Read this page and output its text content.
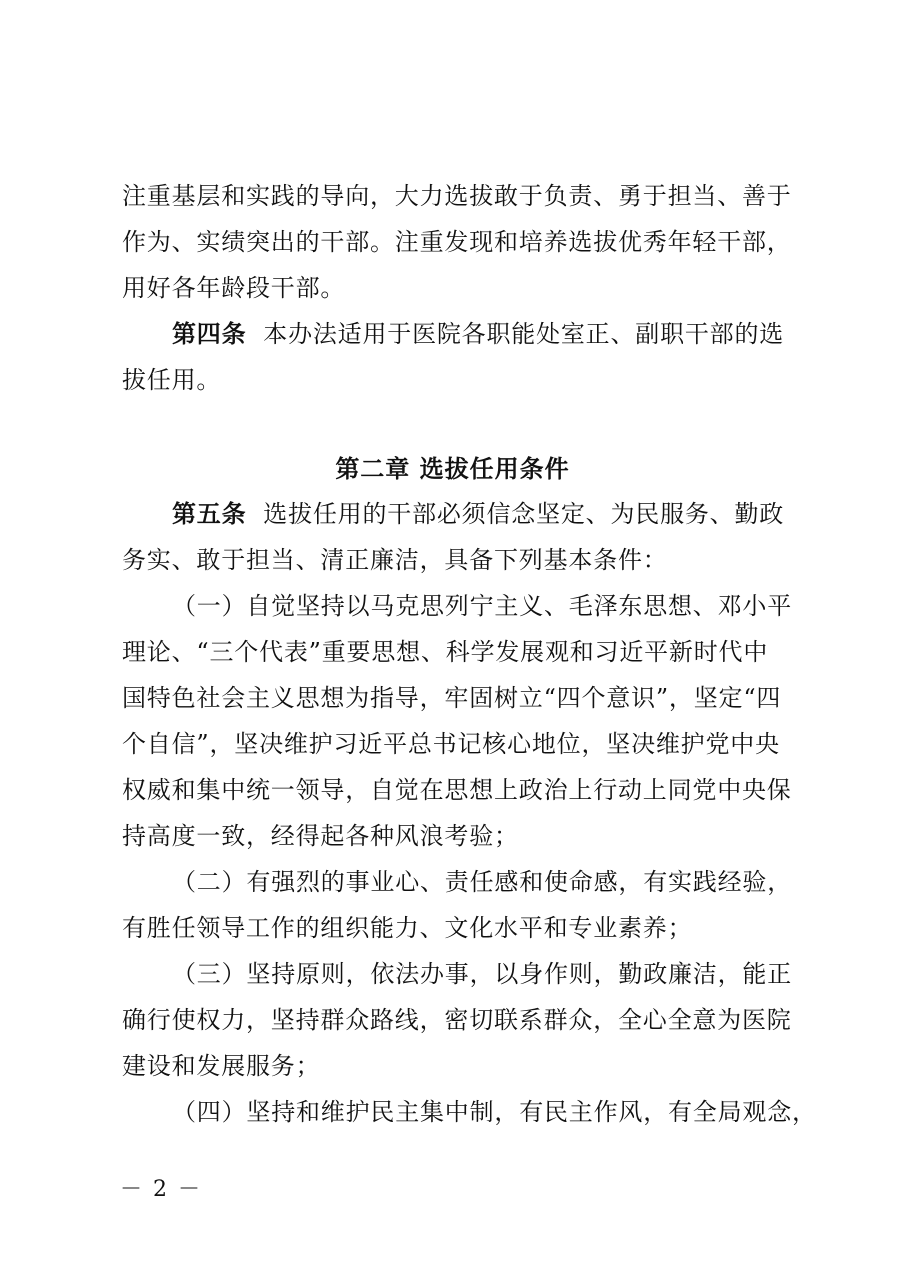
注重基层和实践的导向，大力选拔敢于负责、勇于担当、善于
作为、实绩突出的干部。注重发现和培养选拔优秀年轻干部，
用好各年龄段干部。
第四条 本办法适用于医院各职能处室正、副职干部的选
拔任用。
第二章 选拔任用条件
第五条 选拔任用的干部必须信念坚定、为民服务、勤政
务实、敢于担当、清正廉洁，具备下列基本条件：
（一）自觉坚持以马克思列宁主义、毛泽东思想、邓小平
理论、“三个代表”重要思想、科学发展观和习近平新时代中
国特色社会主义思想为指导，牢固树立“四个意识”，坚定“四
个自信”，坚决维护习近平总书记核心地位，坚决维护党中央
权威和集中统一领导，自觉在思想上政治上行动上同党中央保
持高度一致，经得起各种风浪考验；
（二）有强烈的事业心、责任感和使命感，有实践经验，
有胜任领导工作的组织能力、文化水平和专业素养；
（三）坚持原则，依法办事，以身作则，勤政廉洁，能正
确行使权力，坚持群众路线，密切联系群众，全心全意为医院
建设和发展服务；
（四）坚持和维护民主集中制，有民主作风，有全局观念，
－ 2 －
